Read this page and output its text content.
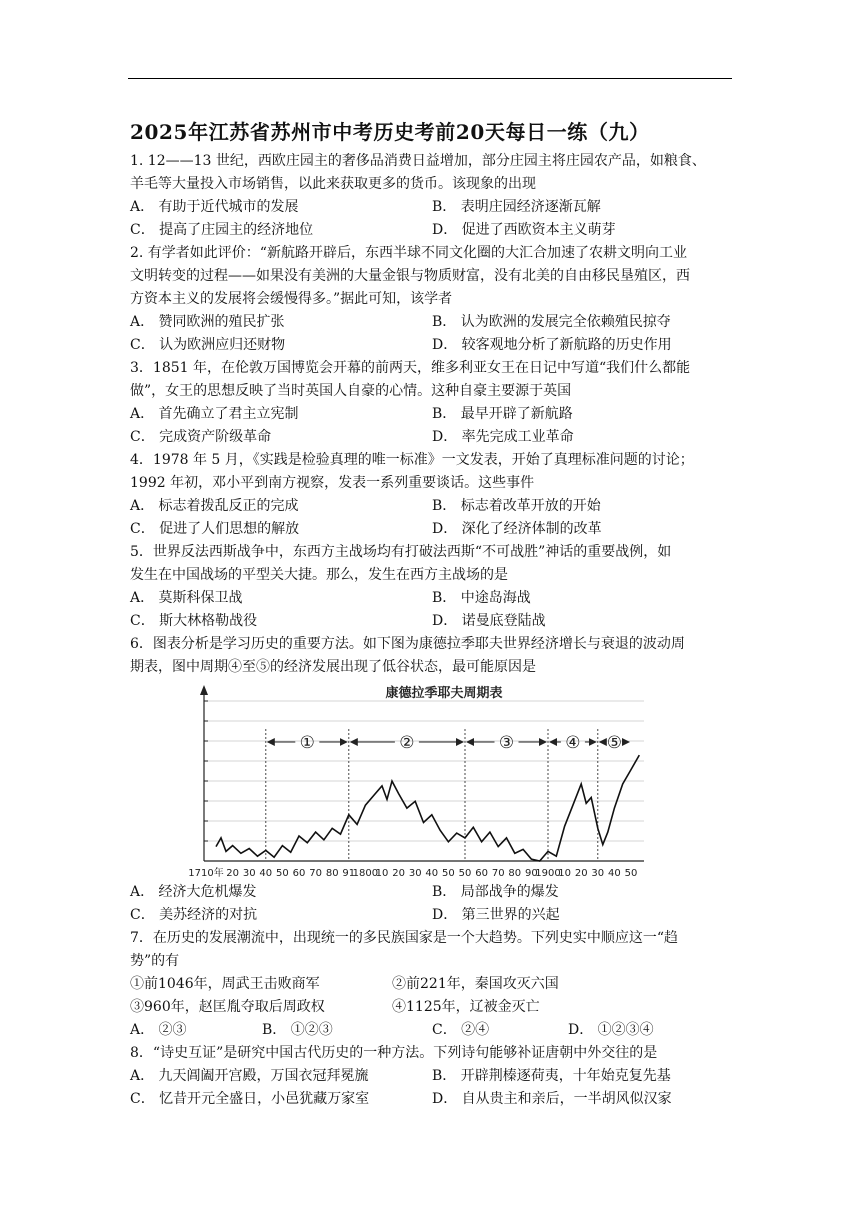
2025年江苏省苏州市中考历史考前20天每日一练（九）
1. 12——13 世纪，西欧庄园主的奢侈品消费日益增加，部分庄园主将庄园农产品，如粮食、
羊毛等大量投入市场销售，以此来获取更多的货币。该现象的出现
A． 有助于近代城市的发展	B． 表明庄园经济逐渐瓦解
C． 提高了庄园主的经济地位	D． 促进了西欧资本主义萌芽
2. 有学者如此评价：“新航路开辟后，东西半球不同文化圈的大汇合加速了农耕文明向工业
文明转变的过程——如果没有美洲的大量金银与物质财富，没有北美的自由移民垦殖区，西
方资本主义的发展将会缓慢得多。”据此可知，该学者
A． 赞同欧洲的殖民扩张	B． 认为欧洲的发展完全依赖殖民掠夺
C． 认为欧洲应归还财物	D． 较客观地分析了新航路的历史作用
3．1851 年，在伦敦万国博览会开幕的前两天，维多利亚女王在日记中写道“我们什么都能
做”，女王的思想反映了当时英国人自豪的心情。这种自豪主要源于英国
A． 首先确立了君主立宪制	B． 最早开辟了新航路
C． 完成资产阶级革命	D． 率先完成工业革命
4．1978 年 5 月，《实践是检验真理的唯一标准》一文发表，开始了真理标准问题的讨论；
1992 年初，邓小平到南方视察，发表一系列重要谈话。这些事件
A． 标志着拨乱反正的完成	B． 标志着改革开放的开始
C． 促进了人们思想的解放	D． 深化了经济体制的改革
5．世界反法西斯战争中，东西方主战场均有打破法西斯“不可战胜”神话的重要战例，如
发生在中国战场的平型关大捷。那么，发生在西方主战场的是
A． 莫斯科保卫战	B． 中途岛海战
C． 斯大林格勒战役	D． 诺曼底登陆战
6．图表分析是学习历史的重要方法。如下图为康德拉季耶夫世界经济增长与衰退的波动周
期表，图中周期④至⑤的经济发展出现了低谷状态，最可能原因是
1710年 20 30 40 50 60 70 80 91
1800
10 20 30 40 50 50 60 70 80 90
1900
10 20 30 40 50
①	②	③	④ ⑤
康德拉季耶夫周期表
A． 经济大危机爆发	B． 局部战争的爆发
C． 美苏经济的对抗	D． 第三世界的兴起
7．在历史的发展潮流中，出现统一的多民族国家是一个大趋势。下列史实中顺应这一“趋
势”的有
①前1046年，周武王击败商军	②前221年，秦国攻灭六国
③960年，赵匡胤夺取后周政权	④1125年，辽被金灭亡
A． ②③	B． ①②③	C． ②④	D． ①②③④
8．“诗史互证”是研究中国古代历史的一种方法。下列诗句能够补证唐朝中外交往的是
A． 九天阊阖开宫殿，万国衣冠拜冕旒	B． 开辟荆榛逐荷夷，十年始克复先基
C． 忆昔开元全盛日，小邑犹藏万家室	D． 自从贵主和亲后，一半胡风似汉家
